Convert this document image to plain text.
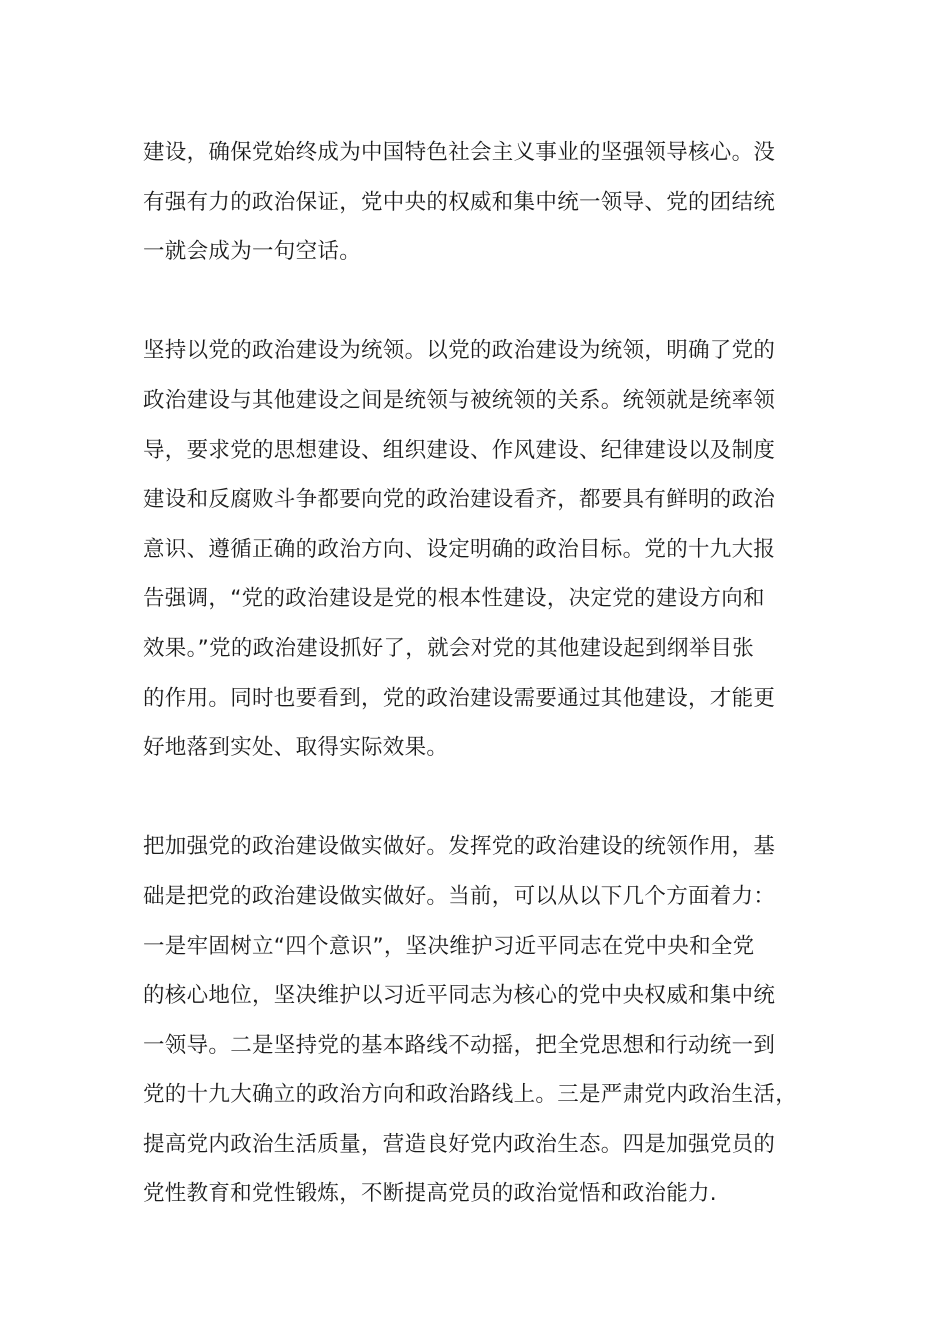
建设，确保党始终成为中国特色社会主义事业的坚强领导核心。没
有强有力的政治保证，党中央的权威和集中统一领导、党的团结统
一就会成为一句空话。
坚持以党的政治建设为统领。以党的政治建设为统领，明确了党的
政治建设与其他建设之间是统领与被统领的关系。统领就是统率领
导，要求党的思想建设、组织建设、作风建设、纪律建设以及制度
建设和反腐败斗争都要向党的政治建设看齐，都要具有鲜明的政治
意识、遵循正确的政治方向、设定明确的政治目标。党的十九大报
告强调，“党的政治建设是党的根本性建设，决定党的建设方向和
效果。”党的政治建设抓好了，就会对党的其他建设起到纲举目张
的作用。同时也要看到，党的政治建设需要通过其他建设，才能更
好地落到实处、取得实际效果。
把加强党的政治建设做实做好。发挥党的政治建设的统领作用，基
础是把党的政治建设做实做好。当前，可以从以下几个方面着力：
一是牢固树立“四个意识”，坚决维护习近平同志在党中央和全党
的核心地位，坚决维护以习近平同志为核心的党中央权威和集中统
一领导。二是坚持党的基本路线不动摇，把全党思想和行动统一到
党的十九大确立的政治方向和政治路线上。三是严肃党内政治生活，
提高党内政治生活质量，营造良好党内政治生态。四是加强党员的
党性教育和党性锻炼，不断提高党员的政治觉悟和政治能力.
